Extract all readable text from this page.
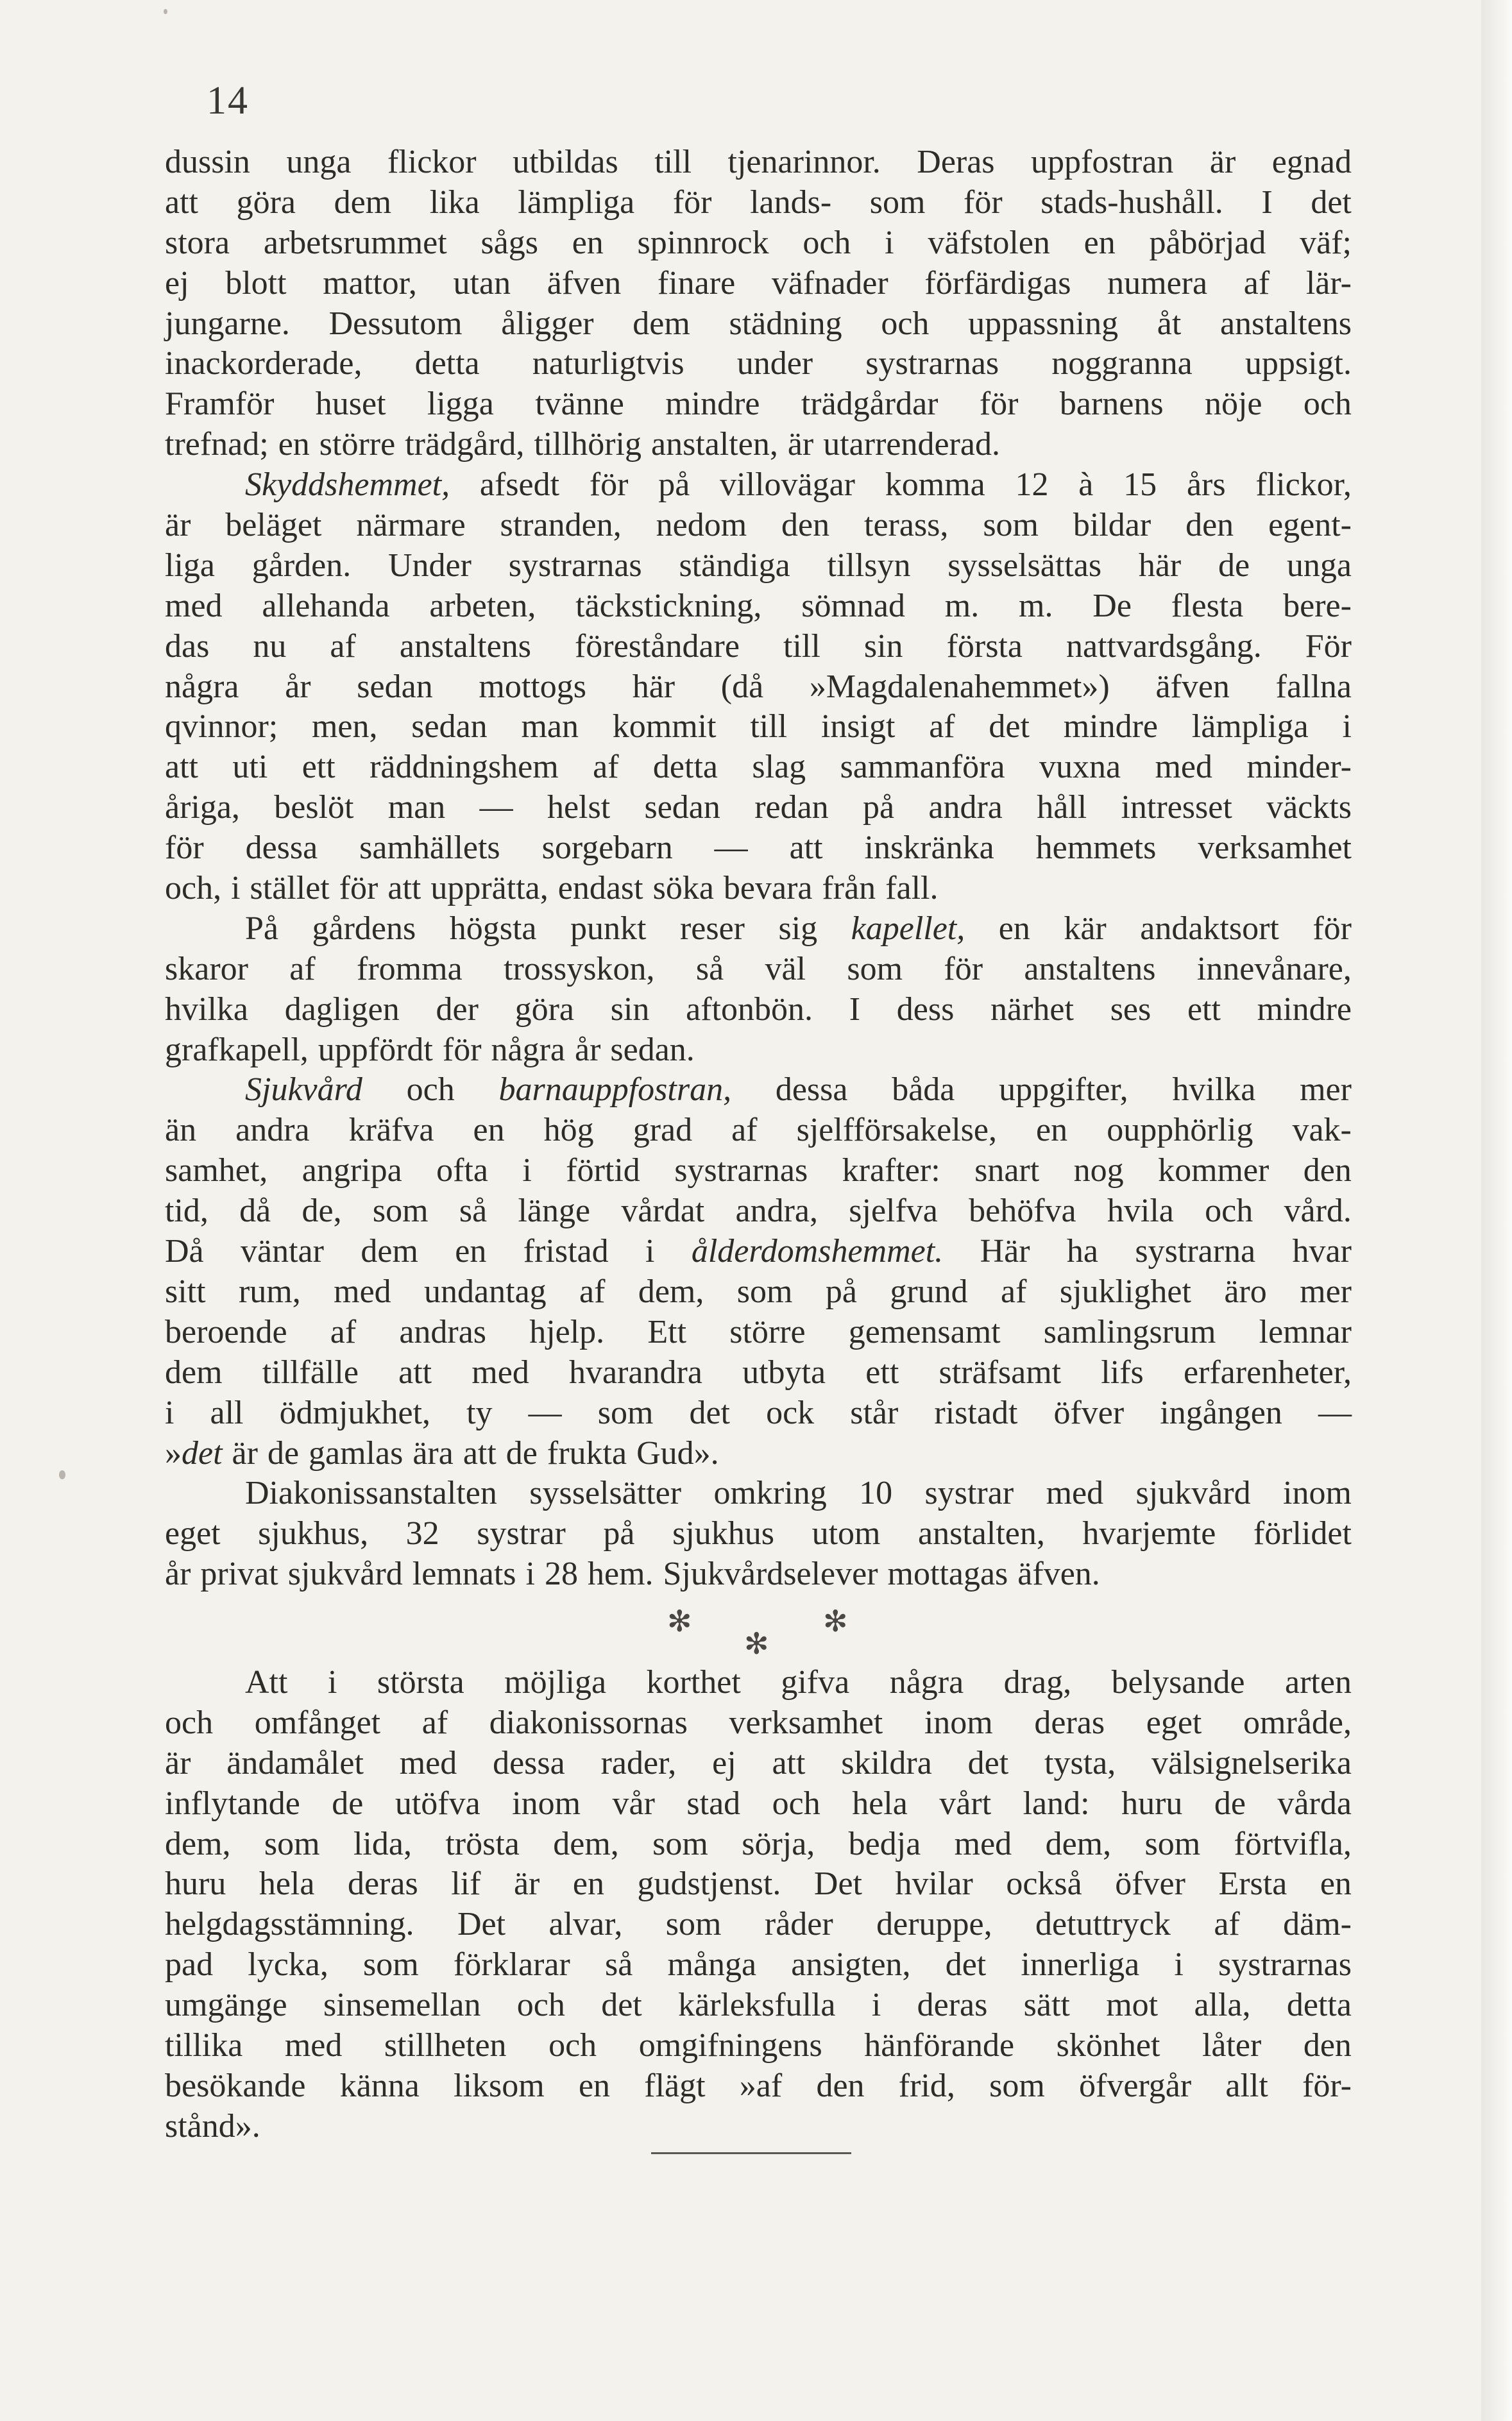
14
dussin unga flickor utbildas till tjenarinnor. Deras uppfostran är egnad
att göra dem lika lämpliga för lands- som för stads-hushåll. I det
stora arbetsrummet sågs en spinnrock och i väfstolen en påbörjad väf;
ej blott mattor, utan äfven finare väfnader förfärdigas numera af lär-
jungarne. Dessutom åligger dem städning och uppassning åt anstaltens
inackorderade, detta naturligtvis under systrarnas noggranna uppsigt.
Framför huset ligga tvänne mindre trädgårdar för barnens nöje och
trefnad; en större trädgård, tillhörig anstalten, är utarrenderad.
Skyddshemmet, afsedt för på villovägar komma 12 à 15 års flickor,
är beläget närmare stranden, nedom den terass, som bildar den egent-
liga gården. Under systrarnas ständiga tillsyn sysselsättas här de unga
med allehanda arbeten, täckstickning, sömnad m. m. De flesta bere-
das nu af anstaltens föreståndare till sin första nattvardsgång. För
några år sedan mottogs här (då »Magdalenahemmet») äfven fallna
qvinnor; men, sedan man kommit till insigt af det mindre lämpliga i
att uti ett räddningshem af detta slag sammanföra vuxna med minder-
åriga, beslöt man — helst sedan redan på andra håll intresset väckts
för dessa samhällets sorgebarn — att inskränka hemmets verksamhet
och, i stället för att upprätta, endast söka bevara från fall.
På gårdens högsta punkt reser sig kapellet, en kär andaktsort för
skaror af fromma trossyskon, så väl som för anstaltens innevånare,
hvilka dagligen der göra sin aftonbön. I dess närhet ses ett mindre
grafkapell, uppfördt för några år sedan.
Sjukvård och barnauppfostran, dessa båda uppgifter, hvilka mer
än andra kräfva en hög grad af sjelfförsakelse, en oupphörlig vak-
samhet, angripa ofta i förtid systrarnas krafter: snart nog kommer den
tid, då de, som så länge vårdat andra, sjelfva behöfva hvila och vård.
Då väntar dem en fristad i ålderdomshemmet. Här ha systrarna hvar
sitt rum, med undantag af dem, som på grund af sjuklighet äro mer
beroende af andras hjelp. Ett större gemensamt samlingsrum lemnar
dem tillfälle att med hvarandra utbyta ett sträfsamt lifs erfarenheter,
i all ödmjukhet, ty — som det ock står ristadt öfver ingången —
»det är de gamlas ära att de frukta Gud».
Diakonissanstalten sysselsätter omkring 10 systrar med sjukvård inom
eget sjukhus, 32 systrar på sjukhus utom anstalten, hvarjemte förlidet
år privat sjukvård lemnats i 28 hem. Sjukvårdselever mottagas äfven.
✻
✻
✻
Att i största möjliga korthet gifva några drag, belysande arten
och omfånget af diakonissornas verksamhet inom deras eget område,
är ändamålet med dessa rader, ej att skildra det tysta, välsignelserika
inflytande de utöfva inom vår stad och hela vårt land: huru de vårda
dem, som lida, trösta dem, som sörja, bedja med dem, som förtvifla,
huru hela deras lif är en gudstjenst. Det hvilar också öfver Ersta en
helgdagsstämning. Det alvar, som råder deruppe, detuttryck af däm-
pad lycka, som förklarar så många ansigten, det innerliga i systrarnas
umgänge sinsemellan och det kärleksfulla i deras sätt mot alla, detta
tillika med stillheten och omgifningens hänförande skönhet låter den
besökande känna liksom en flägt »af den frid, som öfvergår allt för-
stånd».
